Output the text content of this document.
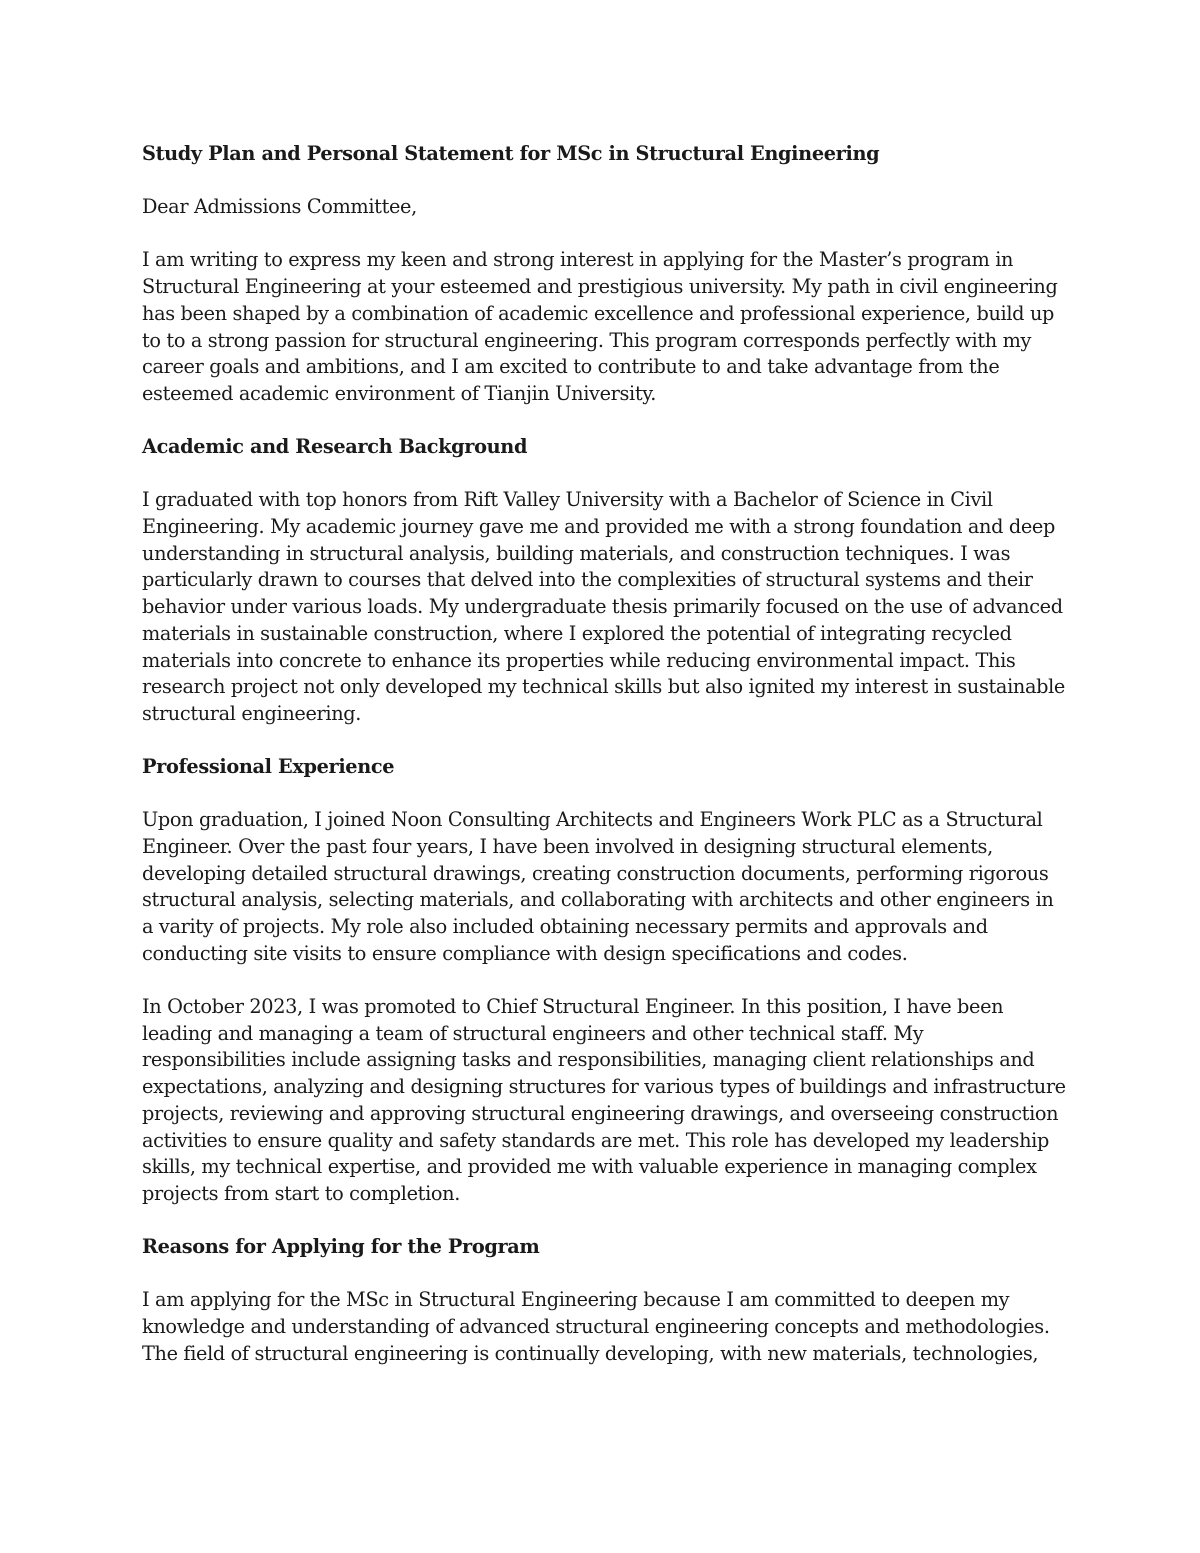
Study Plan and Personal Statement for MSc in Structural Engineering

Dear Admissions Committee,

I am writing to express my keen and strong interest in applying for the Master’s program in Structural Engineering at your esteemed and prestigious university. My path in civil engineering has been shaped by a combination of academic excellence and professional experience, build up to to a strong passion for structural engineering. This program corresponds perfectly with my career goals and ambitions, and I am excited to contribute to and take advantage from the esteemed academic environment of Tianjin University.

Academic and Research Background

I graduated with top honors from Rift Valley University with a Bachelor of Science in Civil Engineering. My academic journey gave me and provided me with a strong foundation and deep understanding in structural analysis, building materials, and construction techniques. I was particularly drawn to courses that delved into the complexities of structural systems and their behavior under various loads. My undergraduate thesis primarily focused on the use of advanced materials in sustainable construction, where I explored the potential of integrating recycled materials into concrete to enhance its properties while reducing environmental impact. This research project not only developed my technical skills but also ignited my interest in sustainable structural engineering.

Professional Experience

Upon graduation, I joined Noon Consulting Architects and Engineers Work PLC as a Structural Engineer. Over the past four years, I have been involved in designing structural elements, developing detailed structural drawings, creating construction documents, performing rigorous structural analysis, selecting materials, and collaborating with architects and other engineers in a varity of projects. My role also included obtaining necessary permits and approvals and conducting site visits to ensure compliance with design specifications and codes.

In October 2023, I was promoted to Chief Structural Engineer. In this position, I have been leading and managing a team of structural engineers and other technical staff. My responsibilities include assigning tasks and responsibilities, managing client relationships and expectations, analyzing and designing structures for various types of buildings and infrastructure projects, reviewing and approving structural engineering drawings, and overseeing construction activities to ensure quality and safety standards are met. This role has developed my leadership skills, my technical expertise, and provided me with valuable experience in managing complex projects from start to completion.

Reasons for Applying for the Program

I am applying for the MSc in Structural Engineering because I am committed to deepen my knowledge and understanding of advanced structural engineering concepts and methodologies. The field of structural engineering is continually developing, with new materials, technologies,
